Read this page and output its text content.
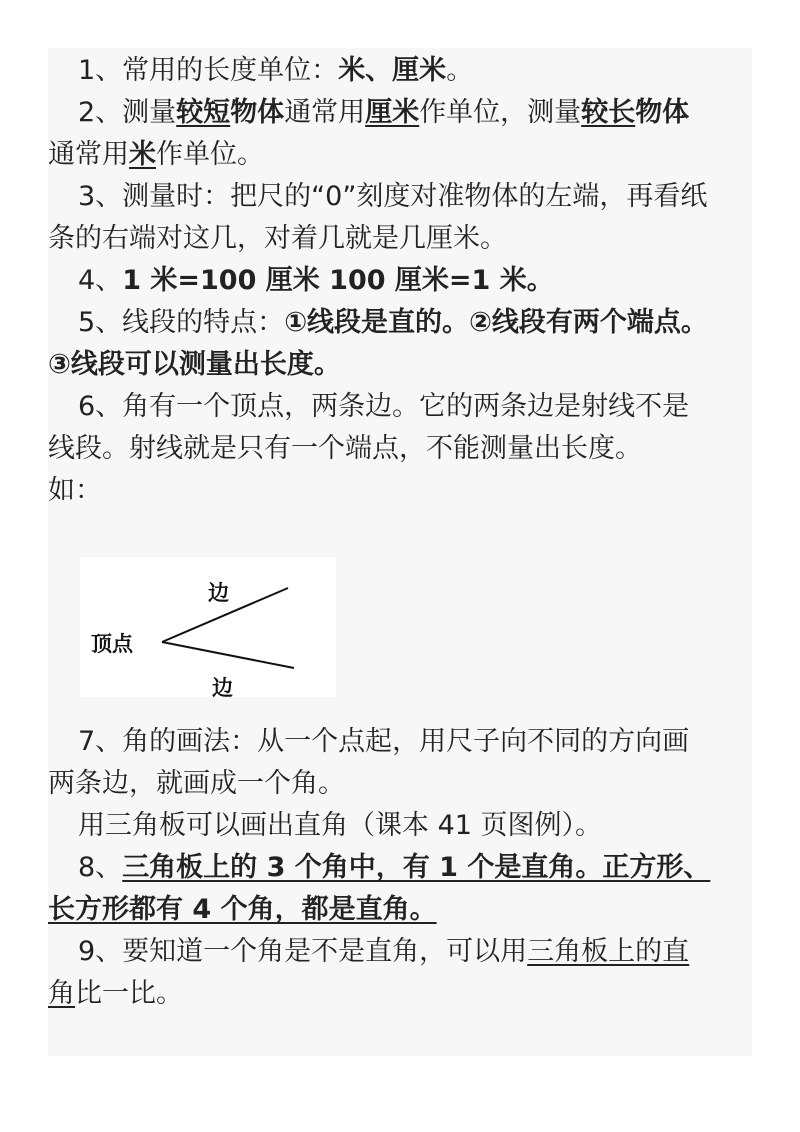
1、常用的长度单位：米、厘米。
2、测量较短物体通常用厘米作单位，测量较长物体
通常用米作单位。
3、测量时：把尺的“0”刻度对准物体的左端，再看纸
条的右端对这几，对着几就是几厘米。
4、1 米=100 厘米 100 厘米=1 米。
5、线段的特点：①线段是直的。②线段有两个端点。
③线段可以测量出长度。
6、角有一个顶点，两条边。它的两条边是射线不是
线段。射线就是只有一个端点，不能测量出长度。
如：
顶点
边
边
7、角的画法：从一个点起，用尺子向不同的方向画
两条边，就画成一个角。
用三角板可以画出直角（课本 41 页图例）。
8、三角板上的 3 个角中，有 1 个是直角。正方形、
长方形都有 4 个角，都是直角。
9、要知道一个角是不是直角，可以用三角板上的直
角比一比。
